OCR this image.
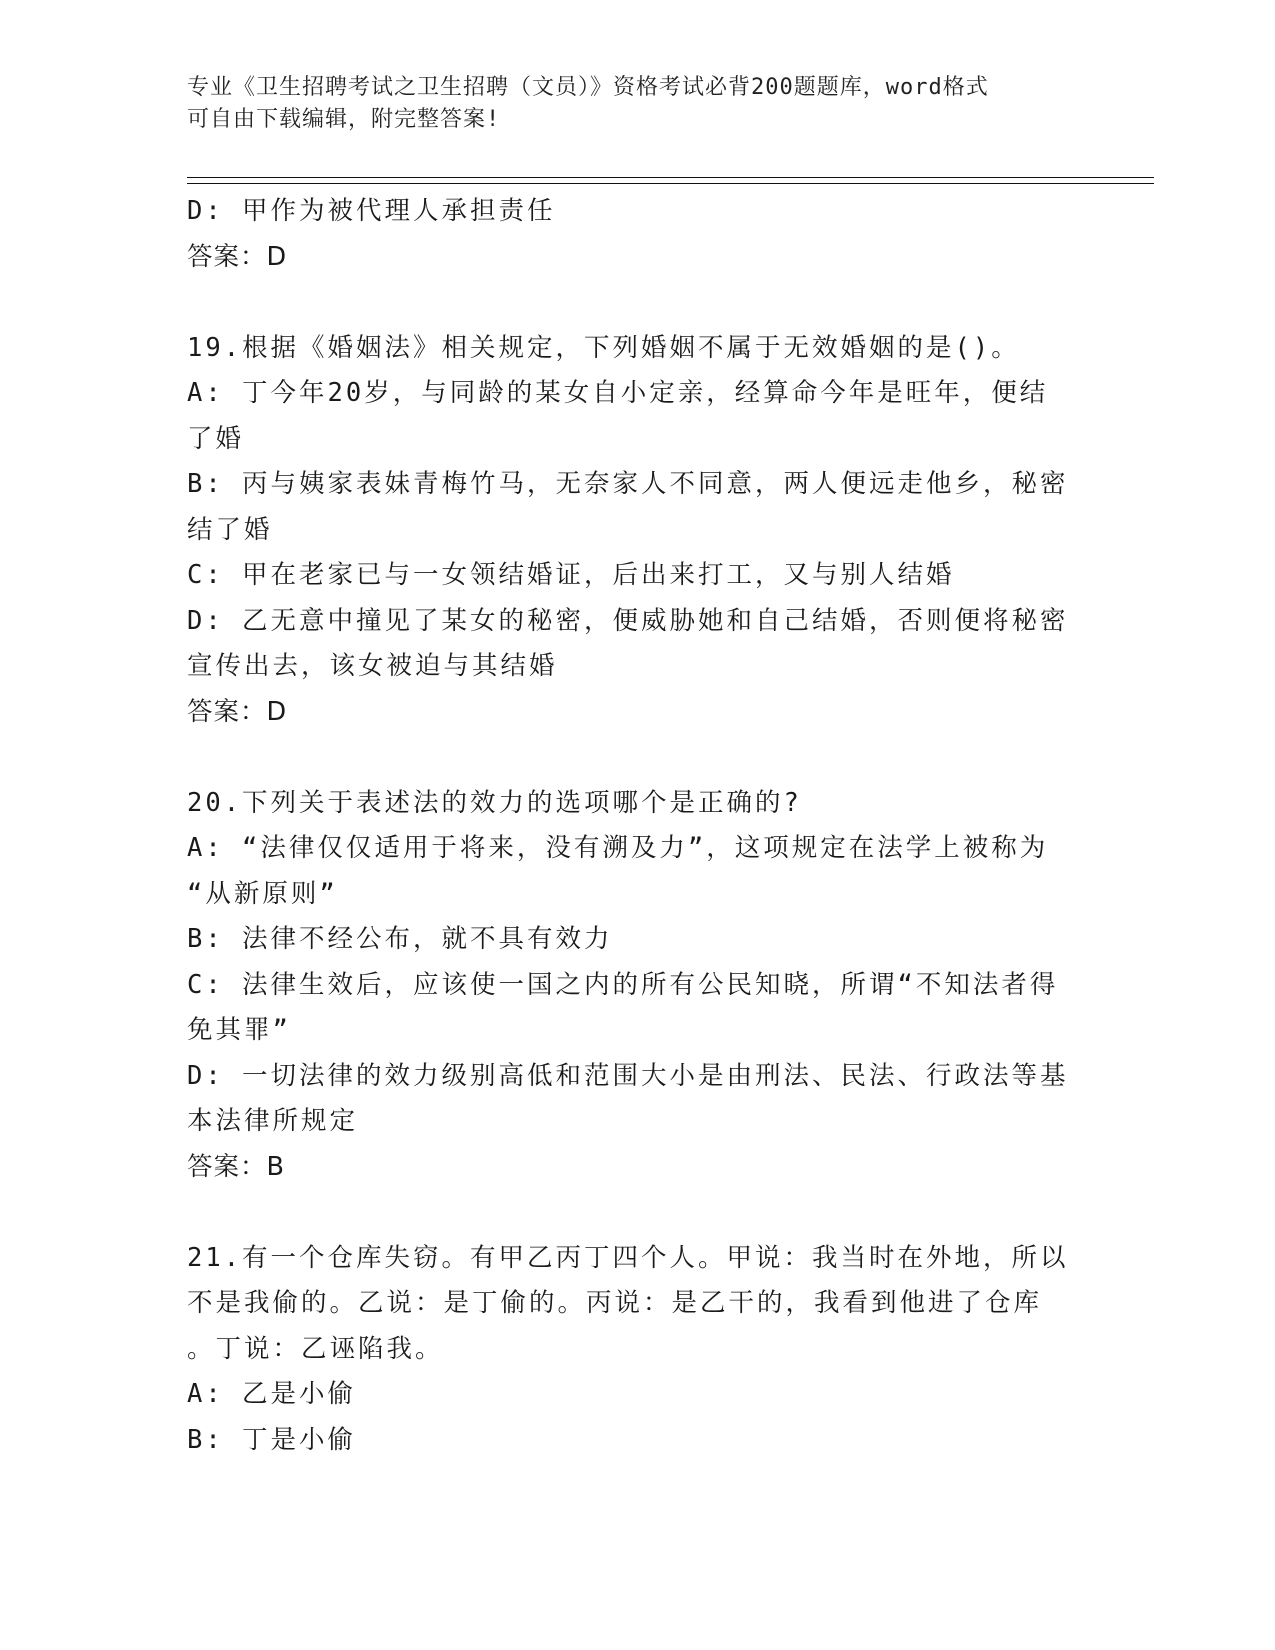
专业《卫生招聘考试之卫生招聘（文员）》资格考试必背200题题库，word格式
可自由下载编辑，附完整答案!
D: 甲作为被代理人承担责任
答案：D
19.根据《婚姻法》相关规定，下列婚姻不属于无效婚姻的是()。
A: 丁今年20岁，与同龄的某女自小定亲，经算命今年是旺年，便结
了婚
B: 丙与姨家表妹青梅竹马，无奈家人不同意，两人便远走他乡，秘密
结了婚
C: 甲在老家已与一女领结婚证，后出来打工，又与别人结婚
D: 乙无意中撞见了某女的秘密，便威胁她和自己结婚，否则便将秘密
宣传出去，该女被迫与其结婚
答案：D
20.下列关于表述法的效力的选项哪个是正确的?
A: “法律仅仅适用于将来，没有溯及力”，这项规定在法学上被称为
“从新原则”
B: 法律不经公布，就不具有效力
C: 法律生效后，应该使一国之内的所有公民知晓，所谓“不知法者得
免其罪”
D: 一切法律的效力级别高低和范围大小是由刑法、民法、行政法等基
本法律所规定
答案：B
21.有一个仓库失窃。有甲乙丙丁四个人。甲说：我当时在外地，所以
不是我偷的。乙说：是丁偷的。丙说：是乙干的，我看到他进了仓库
。丁说：乙诬陷我。
A: 乙是小偷
B: 丁是小偷
